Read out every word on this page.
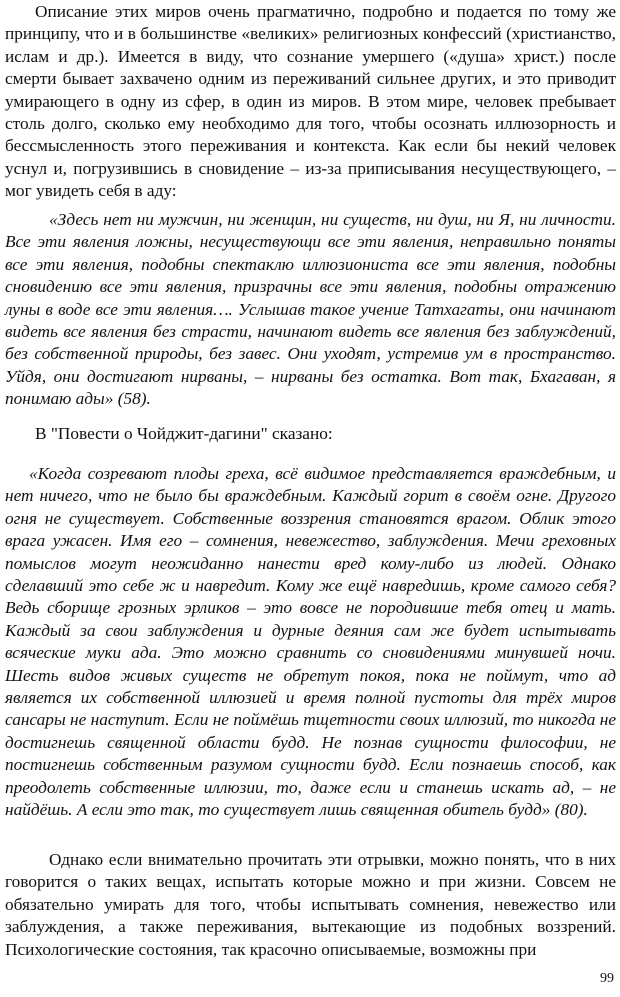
Описание этих миров очень прагматично, подробно и подается по тому же принципу, что и в большинстве «великих» религиозных конфессий (христианство, ислам и др.). Имеется в виду, что сознание умершего («душа» христ.) после смерти бывает захвачено одним из переживаний сильнее других, и это приводит умирающего в одну из сфер, в один из миров. В этом мире, человек пребывает столь долго, сколько ему необходимо для того, чтобы осознать иллюзорность и бессмысленность этого переживания и контекста. Как если бы некий человек уснул и, погрузившись в сновидение – из-за приписывания несуществующего, – мог увидеть себя в аду:

«Здесь нет ни мужчин, ни женщин, ни существ, ни душ, ни Я, ни личности. Все эти явления ложны, несуществующи все эти явления, неправильно поняты все эти явления, подобны спектаклю иллюзиониста все эти явления, подобны сновидению все эти явления, призрачны все эти явления, подобны отражению луны в воде все эти явления…. Услышав такое учение Татхагаты, они начинают видеть все явления без страсти, начинают видеть все явления без заблуждений, без собственной природы, без завес. Они уходят, устремив ум в пространство. Уйдя, они достигают нирваны, – нирваны без остатка. Вот так, Бхагаван, я понимаю ады» (58).

В "Повести о Чойджит-дагини" сказано:

«Когда созревают плоды греха, всё видимое представляется враждебным, и нет ничего, что не было бы враждебным. Каждый горит в своём огне. Другого огня не существует. Собственные воззрения становятся врагом. Облик этого врага ужасен. Имя его – сомнения, невежество, заблуждения. Мечи греховных помыслов могут неожиданно нанести вред кому-либо из людей. Однако сделавший это себе ж и навредит. Кому же ещё навредишь, кроме самого себя? Ведь сборище грозных эрликов – это вовсе не породившие тебя отец и мать. Каждый за свои заблуждения и дурные деяния сам же будет испытывать всяческие муки ада. Это можно сравнить со сновидениями минувшей ночи. Шесть видов живых существ не обретут покоя, пока не поймут, что ад является их собственной иллюзией и время полной пустоты для трёх миров сансары не наступит. Если не поймёшь тщетности своих иллюзий, то никогда не достигнешь священной области будд. Не познав сущности философии, не постигнешь собственным разумом сущности будд. Если познаешь способ, как преодолеть собственные иллюзии, то, даже если и станешь искать ад, – не найдёшь. А если это так, то существует лишь священная обитель будд» (80).

Однако если внимательно прочитать эти отрывки, можно понять, что в них говорится о таких вещах, испытать которые можно и при жизни. Совсем не обязательно умирать для того, чтобы испытывать сомнения, невежество или заблуждения, а также переживания, вытекающие из подобных воззрений. Психологические состояния, так красочно описываемые, возможны при

99
